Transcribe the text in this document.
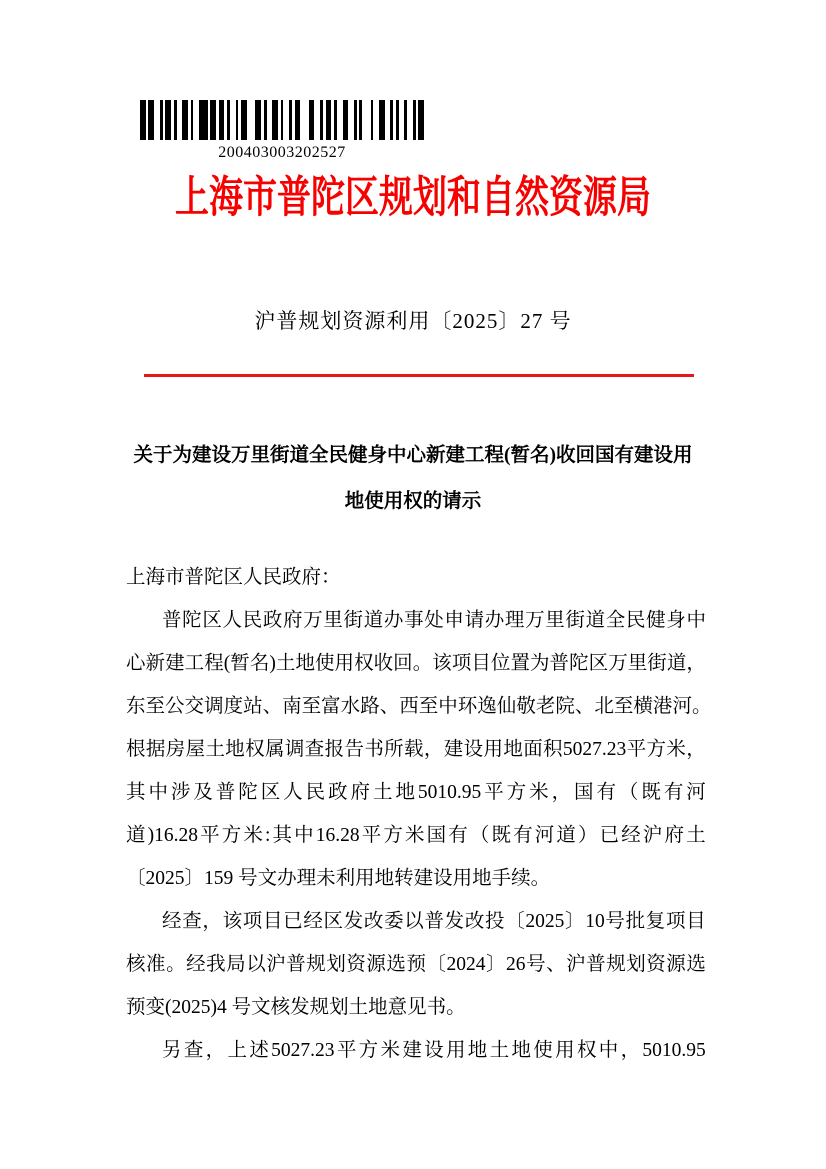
200403003202527
上海市普陀区规划和自然资源局
沪普规划资源利用〔2025〕27 号
关于为建设万里街道全民健身中心新建工程(暂名)收回国有建设用
地使用权的请示
上海市普陀区人民政府：
普 陀 区 人 民 政 府 万 里 街 道 办 事 处 申 请 办 理 万 里 街 道 全 民 健 身 中
心 新 建 工 程 ( 暂 名 ) 土 地 使 用 权 收 回 。 该 项 目 位 置 为 普 陀 区 万 里 街 道 ，
东 至 公 交 调 度 站 、 南 至 富 水 路 、 西 至 中 环 逸 仙 敬 老 院 、 北 至 横 港 河 。
根 据 房 屋 土 地 权 属 调 查 报 告 书 所 载 ， 建 设 用 地 面 积 5027.23 平 方 米 ，
其 中 涉 及 普 陀 区 人 民 政 府 土 地 5010.95 平 方 米 ， 国 有 （ 既 有 河
道 )16.28 平 方 米 : 其 中 16.28 平 方 米 国 有 （ 既 有 河 道 ） 已 经 沪 府 土
〔2025〕159 号文办理未利用地转建设用地手续。
经 查 ， 该 项 目 已 经 区 发 改 委 以 普 发 改 投 〔 2025 〕 10 号 批 复 项 目
核 准 。 经 我 局 以 沪 普 规 划 资 源 选 预 〔 2024 〕 26 号 、 沪 普 规 划 资 源 选
预变(2025)4 号文核发规划土地意见书。
另 查 ， 上 述 5027.23 平 方 米 建 设 用 地 土 地 使 用 权 中 ， 5010.95
